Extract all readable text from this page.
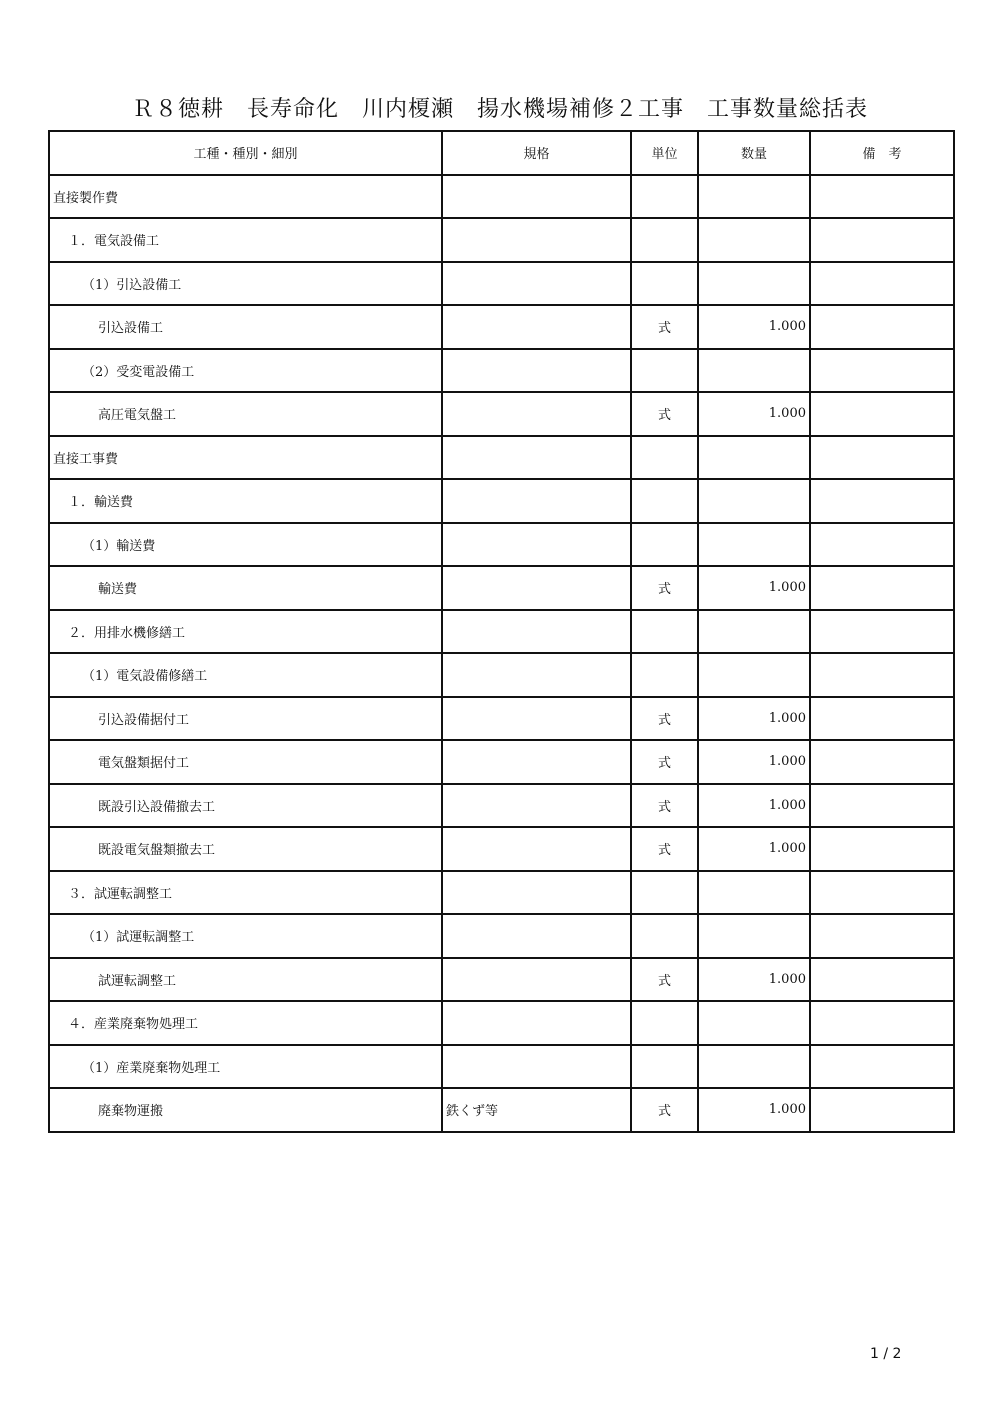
Ｒ８徳耕　長寿命化　川内榎瀬　揚水機場補修２工事　工事数量総括表
工種・種別・細別	規格	単位	数量	備　考
直接製作費				
１．電気設備工				
（1）引込設備工				
引込設備工		式	1.000	
（2）受変電設備工				
高圧電気盤工		式	1.000	
直接工事費				
１．輸送費				
（1）輸送費				
輸送費		式	1.000	
２．用排水機修繕工				
（1）電気設備修繕工				
引込設備据付工		式	1.000	
電気盤類据付工		式	1.000	
既設引込設備撤去工		式	1.000	
既設電気盤類撤去工		式	1.000	
３．試運転調整工				
（1）試運転調整工				
試運転調整工		式	1.000	
４．産業廃棄物処理工				
（1）産業廃棄物処理工				
廃棄物運搬	鉄くず等	式	1.000	
1 / 2
